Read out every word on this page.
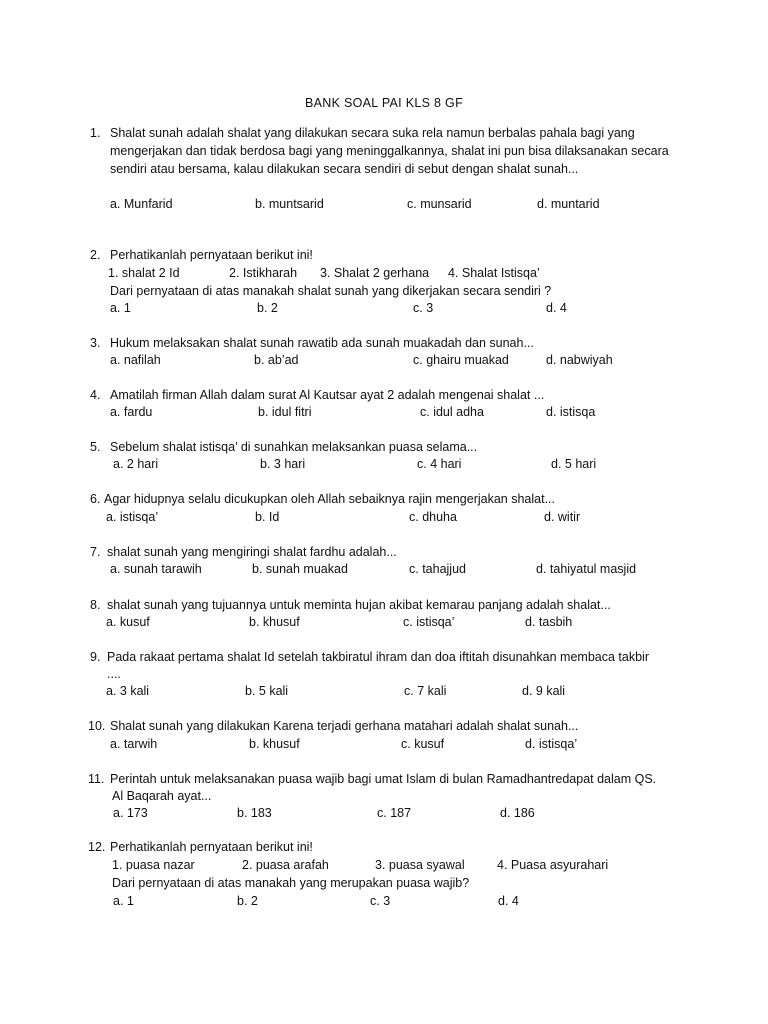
BANK SOAL PAI KLS 8 GF
1. Shalat sunah adalah shalat yang dilakukan secara suka rela namun berbalas pahala bagi yang
mengerjakan dan tidak berdosa bagi yang meninggalkannya, shalat ini pun bisa dilaksanakan secara
sendiri atau bersama, kalau dilakukan secara sendiri di sebut dengan shalat sunah...
a. Munfarid	b. muntsarid	c. munsarid	d. muntarid
2. Perhatikanlah pernyataan berikut ini!
1. shalat 2 Id	2. Istikharah 3. Shalat 2 gerhana 4. Shalat Istisqa’
Dari pernyataan di atas manakah shalat sunah yang dikerjakan secara sendiri ?
a. 1	b. 2	c. 3	d. 4
3. Hukum melaksakan shalat sunah rawatib ada sunah muakadah dan sunah...
a. nafilah	b. ab’ad	c. ghairu muakad	d. nabwiyah
4. Amatilah firman Allah dalam surat Al Kautsar ayat 2 adalah mengenai shalat ...
a. fardu	b. idul fitri	c. idul adha	d. istisqa
5. Sebelum shalat istisqa’ di sunahkan melaksankan puasa selama...
a. 2 hari	b. 3 hari	c. 4 hari	d. 5 hari
6. Agar hidupnya selalu dicukupkan oleh Allah sebaiknya rajin mengerjakan shalat...
a. istisqa’	b. Id	c. dhuha	d. witir
7. shalat sunah yang mengiringi shalat fardhu adalah...
a. sunah tarawih	b. sunah muakad	c. tahajjud	d. tahiyatul masjid
8. shalat sunah yang tujuannya untuk meminta hujan akibat kemarau panjang adalah shalat...
a. kusuf	b. khusuf	c. istisqa’	d. tasbih
9. Pada rakaat pertama shalat Id setelah takbiratul ihram dan doa iftitah disunahkan membaca takbir
....
a. 3 kali	b. 5 kali	c. 7 kali	d. 9 kali
10. Shalat sunah yang dilakukan Karena terjadi gerhana matahari adalah shalat sunah...
a. tarwih	b. khusuf	c. kusuf	d. istisqa’
11. Perintah untuk melaksanakan puasa wajib bagi umat Islam di bulan Ramadhantredapat dalam QS.
Al Baqarah ayat...
a. 173	b. 183	c. 187	d. 186
12. Perhatikanlah pernyataan berikut ini!
1. puasa nazar	2. puasa arafah	3. puasa syawal	4. Puasa asyurahari
Dari pernyataan di atas manakah yang merupakan puasa wajib?
a. 1	b. 2	c. 3	d. 4
